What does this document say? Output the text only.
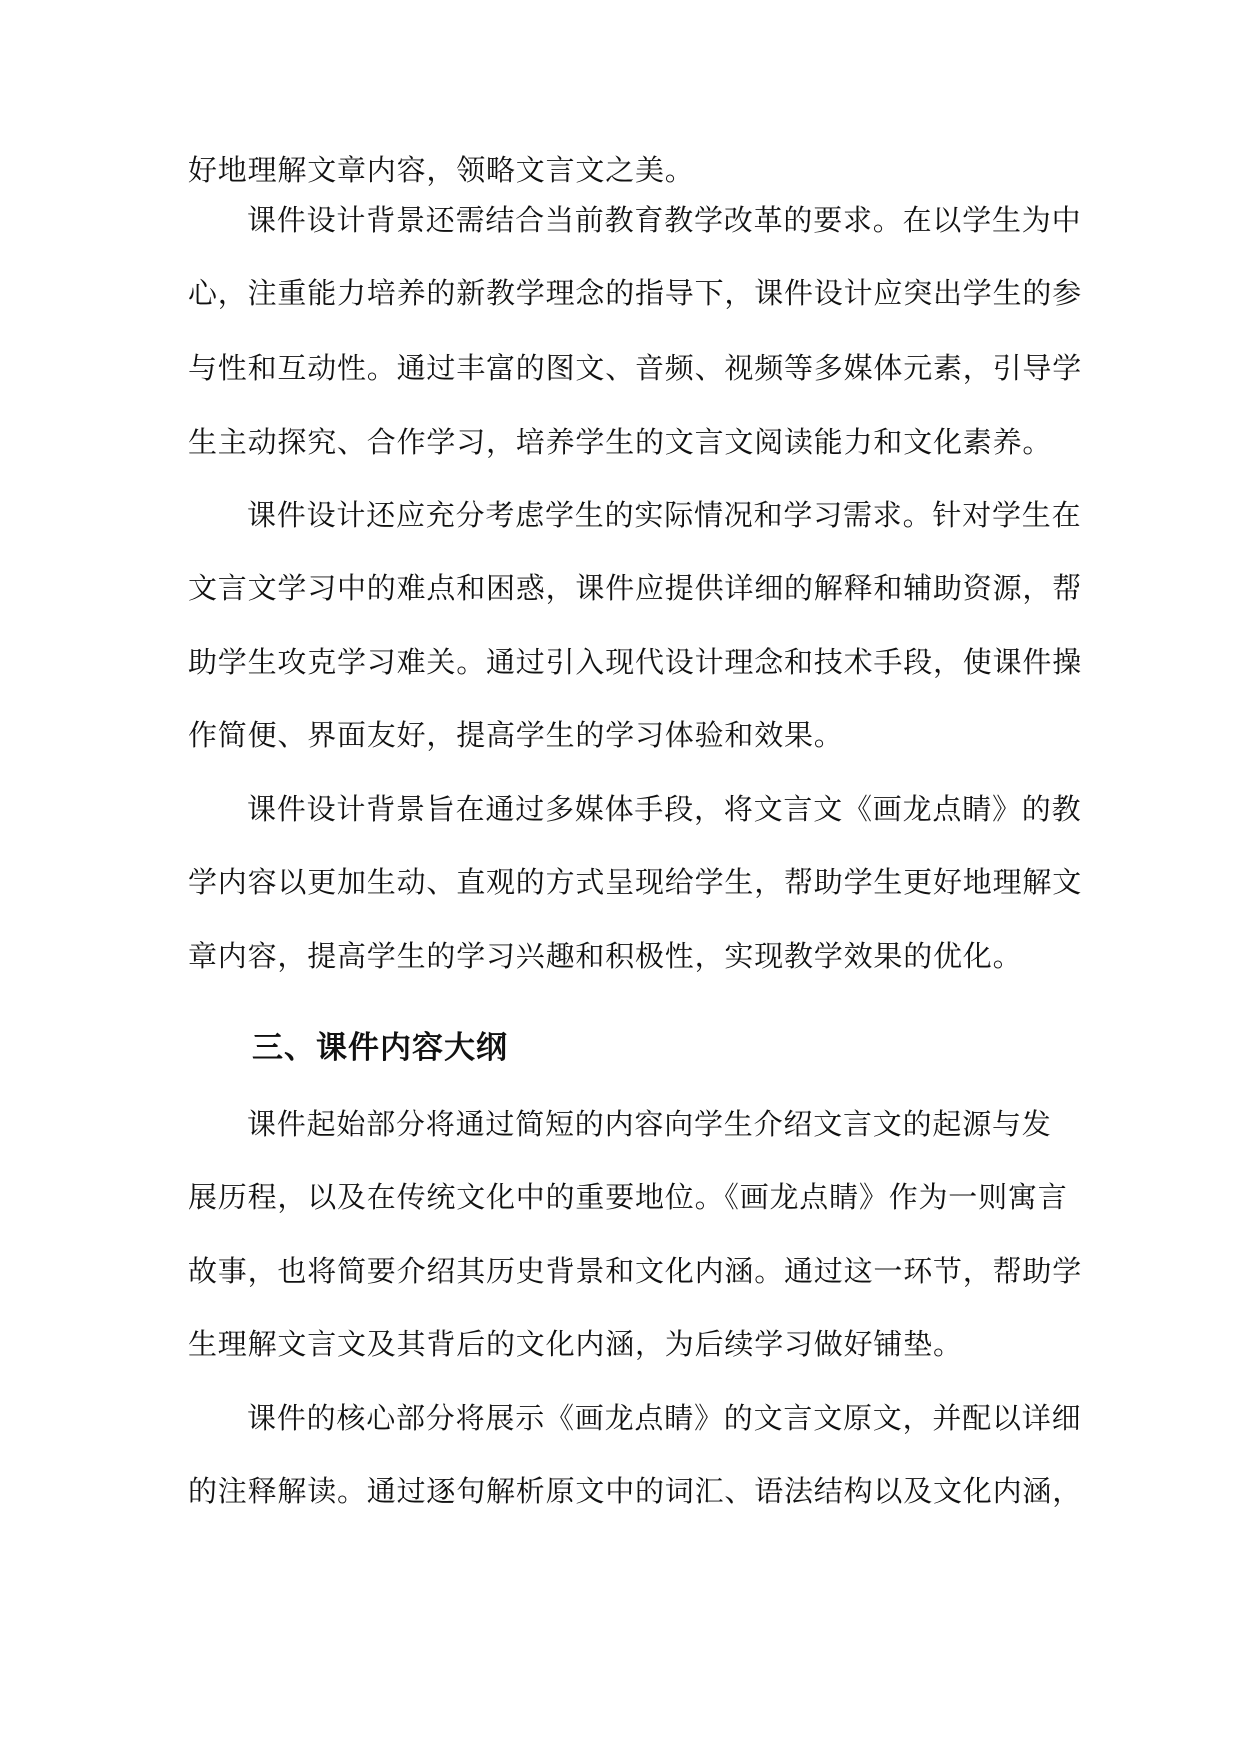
好地理解文章内容，领略文言文之美。
课件设计背景还需结合当前教育教学改革的要求。在以学生为中
心，注重能力培养的新教学理念的指导下，课件设计应突出学生的参
与性和互动性。通过丰富的图文、音频、视频等多媒体元素，引导学
生主动探究、合作学习，培养学生的文言文阅读能力和文化素养。
课件设计还应充分考虑学生的实际情况和学习需求。针对学生在
文言文学习中的难点和困惑，课件应提供详细的解释和辅助资源，帮
助学生攻克学习难关。通过引入现代设计理念和技术手段，使课件操
作简便、界面友好，提高学生的学习体验和效果。
课件设计背景旨在通过多媒体手段，将文言文《画龙点睛》的教
学内容以更加生动、直观的方式呈现给学生，帮助学生更好地理解文
章内容，提高学生的学习兴趣和积极性，实现教学效果的优化。
三、课件内容大纲
课件起始部分将通过简短的内容向学生介绍文言文的起源与发
展历程，以及在传统文化中的重要地位。《画龙点睛》作为一则寓言
故事，也将简要介绍其历史背景和文化内涵。通过这一环节，帮助学
生理解文言文及其背后的文化内涵，为后续学习做好铺垫。
课件的核心部分将展示《画龙点睛》的文言文原文，并配以详细
的注释解读。通过逐句解析原文中的词汇、语法结构以及文化内涵，
